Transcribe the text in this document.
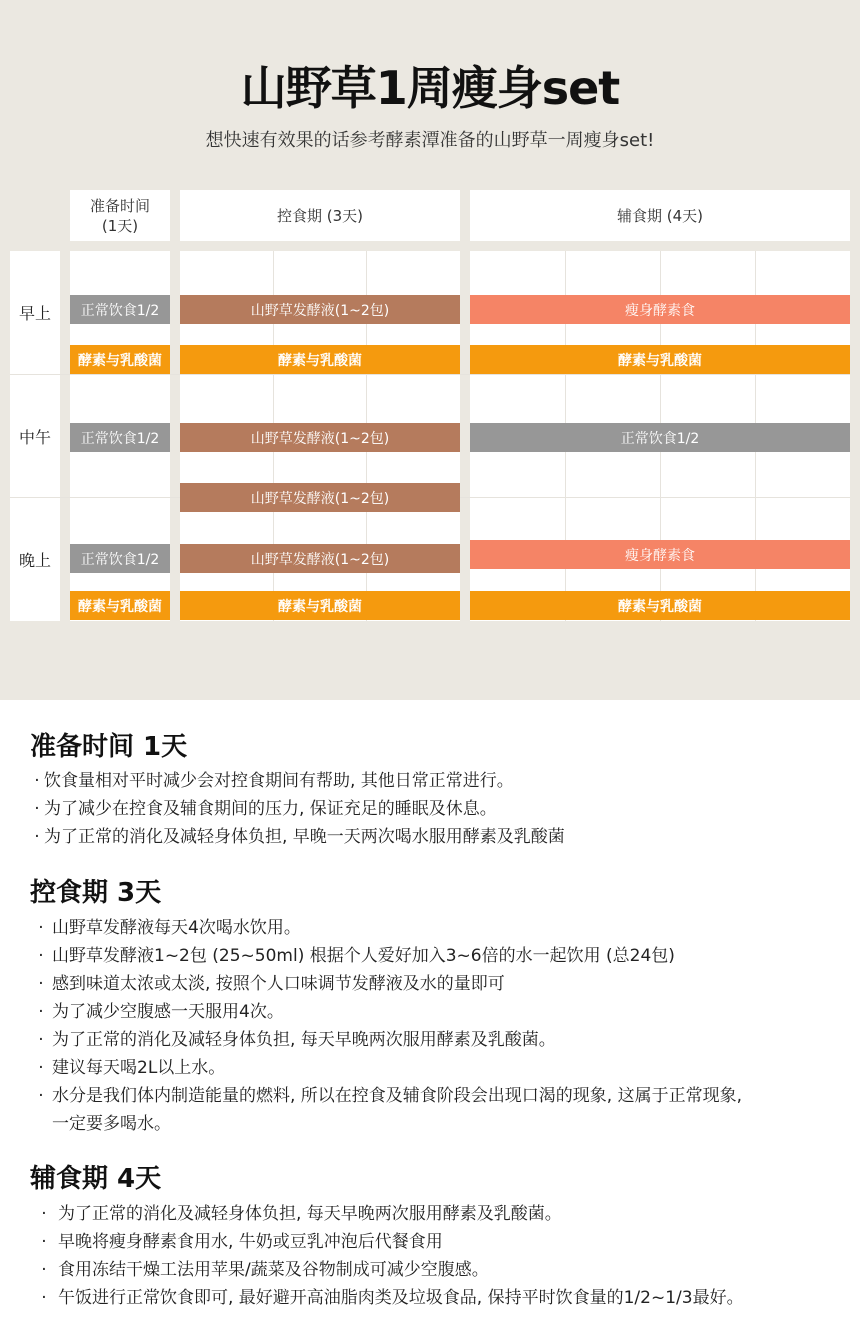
山野草1周瘦身set

想快速有效果的话参考酵素潭准备的山野草一周瘦身set!

准备时间
(1天)
控食期 (3天)	辅食期 (4天)
早上
中午
晚上
正常饮食1/2
酵素与乳酸菌
正常饮食1/2
正常饮食1/2
酵素与乳酸菌
山野草发酵液(1~2包)
酵素与乳酸菌
山野草发酵液(1~2包)
山野草发酵液(1~2包)
山野草发酵液(1~2包)
酵素与乳酸菌
瘦身酵素食
酵素与乳酸菌
正常饮食1/2
瘦身酵素食
酵素与乳酸菌
准备时间 1天
· 饮食量相对平时减少会对控食期间有帮助, 其他日常正常进行。
· 为了减少在控食及辅食期间的压力, 保证充足的睡眠及休息。
· 为了正常的消化及减轻身体负担, 早晚一天两次喝水服用酵素及乳酸菌
控食期 3天
· 山野草发酵液每天4次喝水饮用。
· 山野草发酵液1~2包 (25~50ml) 根据个人爱好加入3~6倍的水一起饮用 (总24包)
· 感到味道太浓或太淡, 按照个人口味调节发酵液及水的量即可
· 为了减少空腹感一天服用4次。
· 为了正常的消化及减轻身体负担, 每天早晚两次服用酵素及乳酸菌。
· 建议每天喝2L以上水。
· 水分是我们体内制造能量的燃料, 所以在控食及辅食阶段会出现口渴的现象, 这属于正常现象,
一定要多喝水。
辅食期 4天
· 为了正常的消化及减轻身体负担, 每天早晚两次服用酵素及乳酸菌。
· 早晚将瘦身酵素食用水, 牛奶或豆乳冲泡后代餐食用
· 食用冻结干燥工法用苹果/蔬菜及谷物制成可减少空腹感。
· 午饭进行正常饮食即可, 最好避开高油脂肉类及垃圾食品, 保持平时饮食量的1/2~1/3最好。
